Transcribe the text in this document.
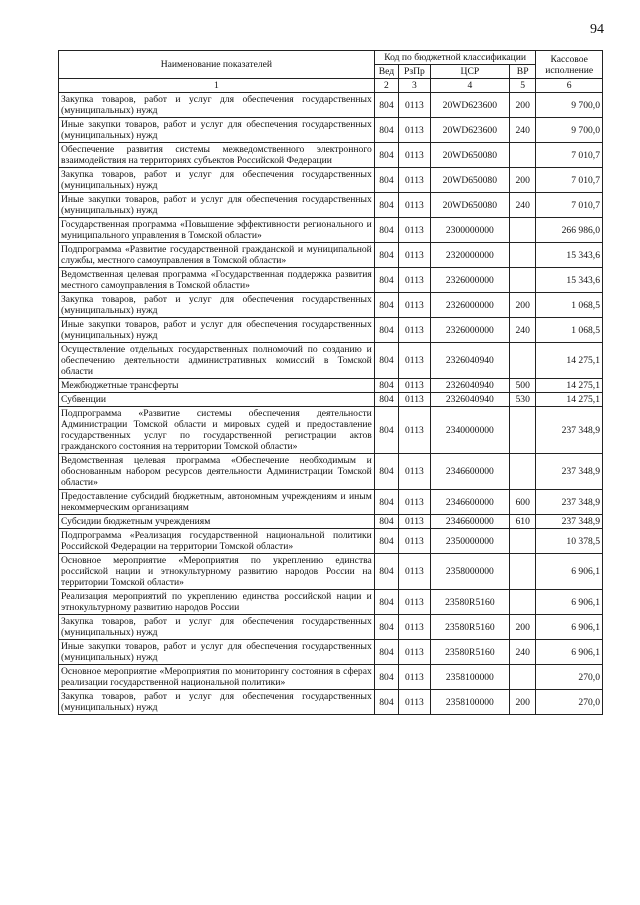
94
Наименование показателей	Код по бюджетной классификации				Кассовое исполнение
	Вед	РзПр	ЦСР	ВР	
1	2	3	4	5	6
Закупка товаров, работ и услуг для обеспечения государственных (муниципальных) нужд	804	0113	20WD623600	200	9 700,0
Иные закупки товаров, работ и услуг для обеспечения государственных (муниципальных) нужд	804	0113	20WD623600	240	9 700,0
Обеспечение развития системы межведомственного электронного взаимодействия на территориях субъектов Российской Федерации	804	0113	20WD650080		7 010,7
Закупка товаров, работ и услуг для обеспечения государственных (муниципальных) нужд	804	0113	20WD650080	200	7 010,7
Иные закупки товаров, работ и услуг для обеспечения государственных (муниципальных) нужд	804	0113	20WD650080	240	7 010,7
Государственная программа «Повышение эффективности регионального и муниципального управления в Томской области»	804	0113	2300000000		266 986,0
Подпрограмма «Развитие государственной гражданской и муниципальной службы, местного самоуправления в Томской области»	804	0113	2320000000		15 343,6
Ведомственная целевая программа «Государственная поддержка развития местного самоуправления в Томской области»	804	0113	2326000000		15 343,6
Закупка товаров, работ и услуг для обеспечения государственных (муниципальных) нужд	804	0113	2326000000	200	1 068,5
Иные закупки товаров, работ и услуг для обеспечения государственных (муниципальных) нужд	804	0113	2326000000	240	1 068,5
Осуществление отдельных государственных полномочий по созданию и обеспечению деятельности административных комиссий в Томской области	804	0113	2326040940		14 275,1
Межбюджетные трансферты	804	0113	2326040940	500	14 275,1
Субвенции	804	0113	2326040940	530	14 275,1
Подпрограмма «Развитие системы обеспечения деятельности Администрации Томской области и мировых судей и предоставление государственных услуг по государственной регистрации актов гражданского состояния на территории Томской области»	804	0113	2340000000		237 348,9
Ведомственная целевая программа «Обеспечение необходимым и обоснованным набором ресурсов деятельности Администрации Томской области»	804	0113	2346600000		237 348,9
Предоставление субсидий бюджетным, автономным учреждениям и иным некоммерческим организациям	804	0113	2346600000	600	237 348,9
Субсидии бюджетным учреждениям	804	0113	2346600000	610	237 348,9
Подпрограмма «Реализация государственной национальной политики Российской Федерации на территории Томской области»	804	0113	2350000000		10 378,5
Основное мероприятие «Мероприятия по укреплению единства российской нации и этнокультурному развитию народов России на территории Томской области»	804	0113	2358000000		6 906,1
Реализация мероприятий по укреплению единства российской нации и этнокультурному развитию народов России	804	0113	23580R5160		6 906,1
Закупка товаров, работ и услуг для обеспечения государственных (муниципальных) нужд	804	0113	23580R5160	200	6 906,1
Иные закупки товаров, работ и услуг для обеспечения государственных (муниципальных) нужд	804	0113	23580R5160	240	6 906,1
Основное мероприятие «Мероприятия по мониторингу состояния в сферах реализации государственной национальной политики»	804	0113	2358100000		270,0
Закупка товаров, работ и услуг для обеспечения государственных (муниципальных) нужд	804	0113	2358100000	200	270,0
